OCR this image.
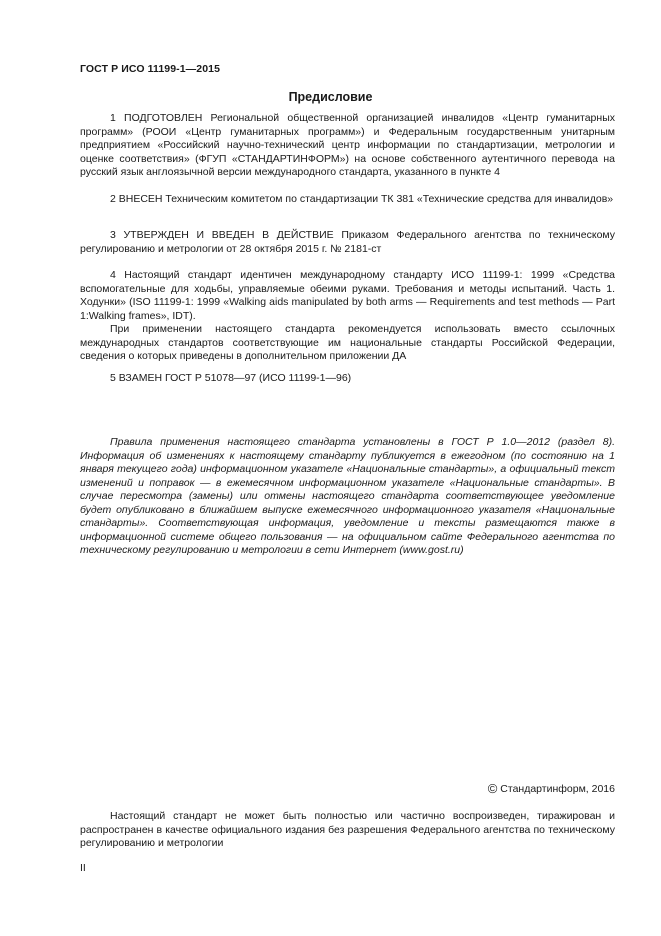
ГОСТ Р ИСО 11199-1—2015
Предисловие

1 ПОДГОТОВЛЕН Региональной общественной организацией инвалидов «Центр гуманитарных программ» (РООИ «Центр гуманитарных программ») и Федеральным государственным унитарным предприятием «Российский научно-технический центр информации по стандартизации, метрологии и оценке соответствия» (ФГУП «СТАНДАРТИНФОРМ») на основе собственного аутентичного перевода на русский язык англоязычной версии международного стандарта, указанного в пункте 4

2 ВНЕСЕН Техническим комитетом по стандартизации ТК 381 «Технические средства для инвалидов»

3 УТВЕРЖДЕН И ВВЕДЕН В ДЕЙСТВИЕ Приказом Федерального агентства по техническому регулированию и метрологии от 28 октября 2015 г. № 2181-ст

4 Настоящий стандарт идентичен международному стандарту ИСО 11199-1: 1999 «Средства вспомогательные для ходьбы, управляемые обеими руками. Требования и методы испытаний. Часть 1. Ходунки» (ISO 11199-1: 1999 «Walking aids manipulated by both arms — Requirements and test methods — Part 1:Walking frames», IDT).

При применении настоящего стандарта рекомендуется использовать вместо ссылочных международных стандартов соответствующие им национальные стандарты Российской Федерации, сведения о которых приведены в дополнительном приложении ДА

5 ВЗАМЕН ГОСТ Р 51078—97 (ИСО 11199-1—96)

Правила применения настоящего стандарта установлены в ГОСТ Р 1.0—2012 (раздел 8). Информация об изменениях к настоящему стандарту публикуется в ежегодном (по состоянию на 1 января текущего года) информационном указателе «Национальные стандарты», а официальный текст изменений и поправок — в ежемесячном информационном указателе «Национальные стандарты». В случае пересмотра (замены) или отмены настоящего стандарта соответствующее уведомление будет опубликовано в ближайшем выпуске ежемесячного информационного указателя «Национальные стандарты». Соответствующая информация, уведомление и тексты размещаются также в информационной системе общего пользования — на официальном сайте Федерального агентства по техническому регулированию и метрологии в сети Интернет (www.gost.ru)

© Стандартинформ, 2016

Настоящий стандарт не может быть полностью или частично воспроизведен, тиражирован и распространен в качестве официального издания без разрешения Федерального агентства по техническому регулированию и метрологии

II
